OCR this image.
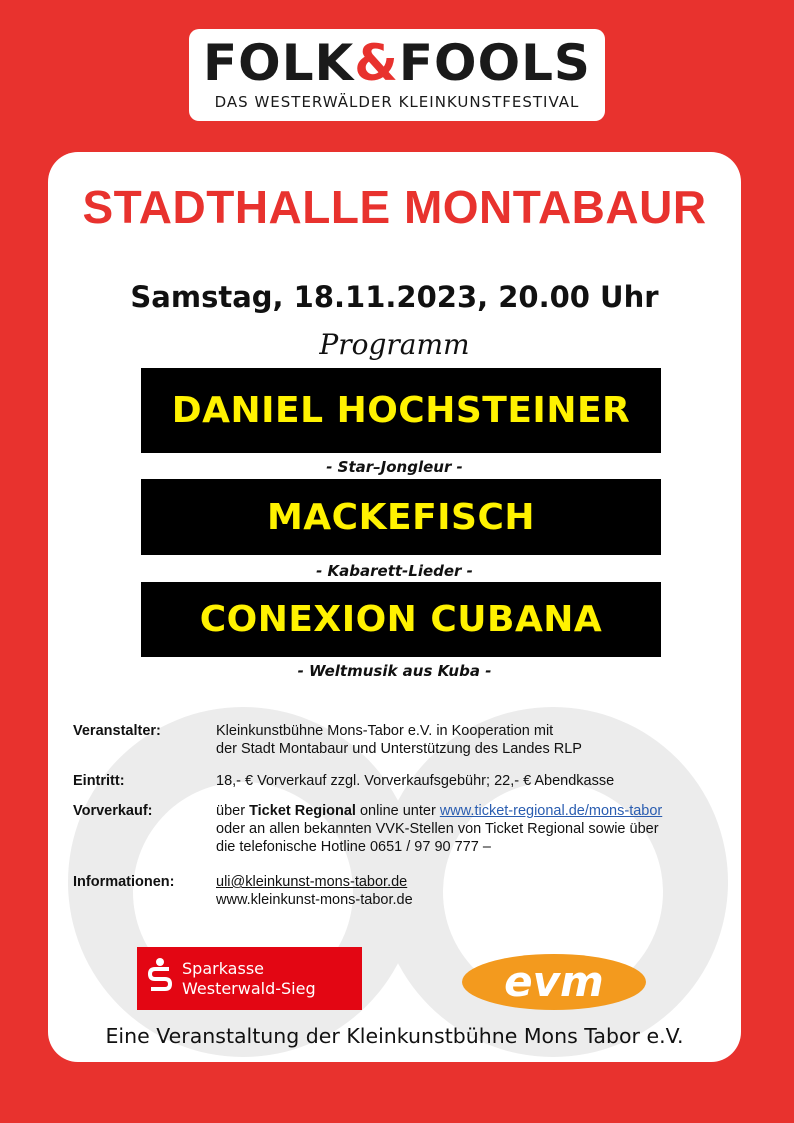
FOLK&FOOLS
DAS WESTERWÄLDER KLEINKUNSTFESTIVAL
STADTHALLE MONTABAUR
Samstag, 18.11.2023, 20.00 Uhr
Programm
DANIEL HOCHSTEINER
- Star–Jongleur -
MACKEFISCH
- Kabarett-Lieder -
CONEXION CUBANA
- Weltmusik aus Kuba -
Veranstalter:	Kleinkunstbühne Mons-Tabor e.V. in Kooperation mit
der Stadt Montabaur und Unterstützung des Landes RLP
Eintritt:	18,- € Vorverkauf zzgl. Vorverkaufsgebühr; 22,- € Abendkasse
Vorverkauf:	über Ticket Regional online unter www.ticket-regional.de/mons-tabor
oder an allen bekannten VVK-Stellen von Ticket Regional sowie über
die telefonische Hotline 0651 / 97 90 777 –
Informationen:	uli@kleinkunst-mons-tabor.de
www.kleinkunst-mons-tabor.de
Sparkasse
Westerwald-Sieg	evm
Eine Veranstaltung der Kleinkunstbühne Mons Tabor e.V.
